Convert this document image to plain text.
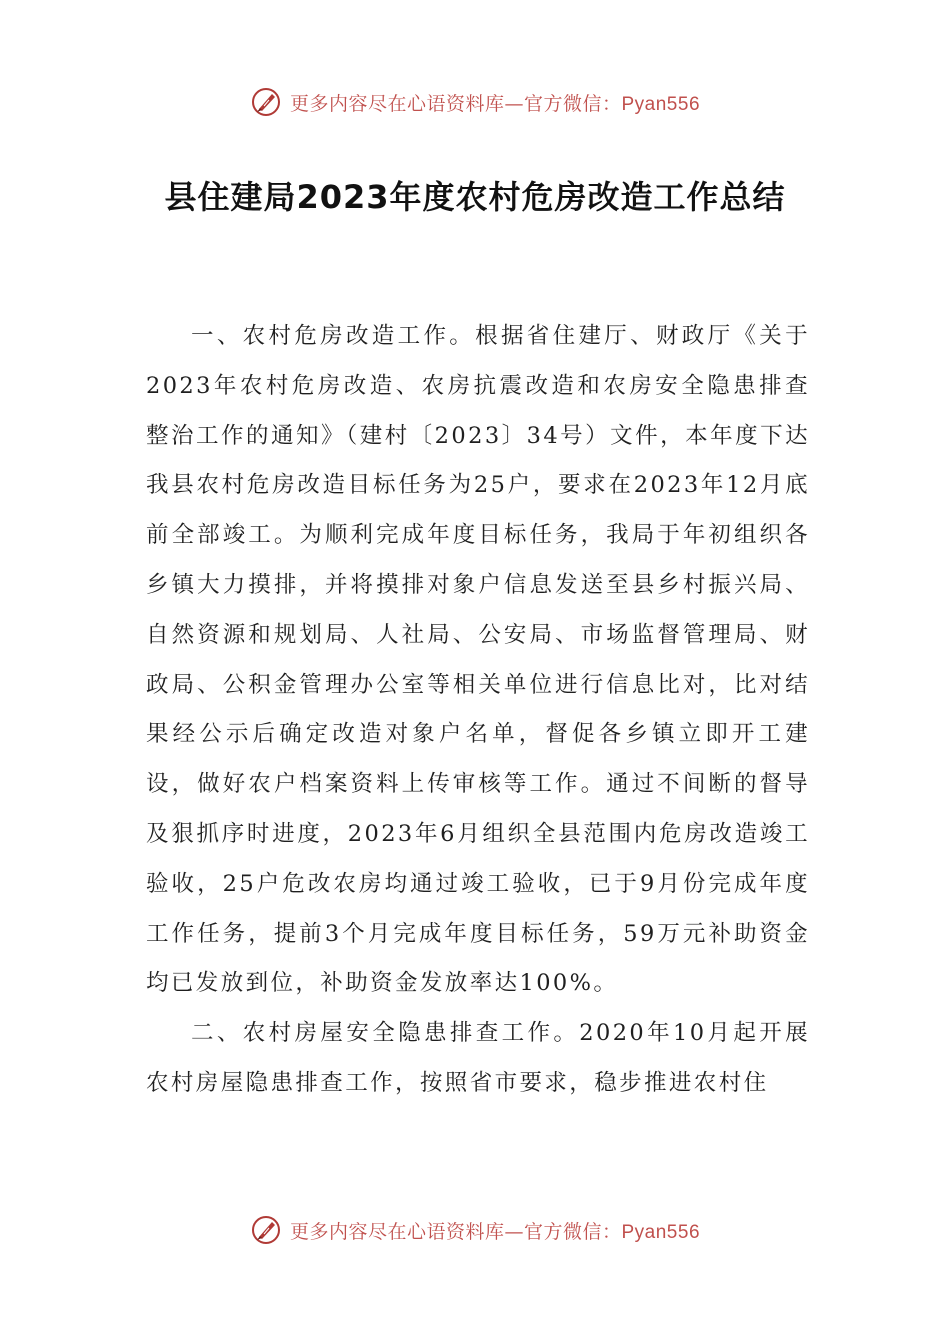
更多内容尽在心语资料库—官方微信：Pyan556
县住建局2023年度农村危房改造工作总结

一、农村危房改造工作。根据省住建厅、财政厅《关于2023年农村危房改造、农房抗震改造和农房安全隐患排查整治工作的通知》（建村〔2023〕34号）文件，本年度下达我县农村危房改造目标任务为25户，要求在2023年12月底前全部竣工。为顺利完成年度目标任务，我局于年初组织各乡镇大力摸排，并将摸排对象户信息发送至县乡村振兴局、自然资源和规划局、人社局、公安局、市场监督管理局、财政局、公积金管理办公室等相关单位进行信息比对，比对结果经公示后确定改造对象户名单，督促各乡镇立即开工建设，做好农户档案资料上传审核等工作。通过不间断的督导及狠抓序时进度，2023年6月组织全县范围内危房改造竣工验收，25户危改农房均通过竣工验收，已于9月份完成年度工作任务，提前3个月完成年度目标任务，59万元补助资金均已发放到位，补助资金发放率达100%。

二、农村房屋安全隐患排查工作。2020年10月起开展农村房屋隐患排查工作，按照省市要求，稳步推进农村住

更多内容尽在心语资料库—官方微信：Pyan556
